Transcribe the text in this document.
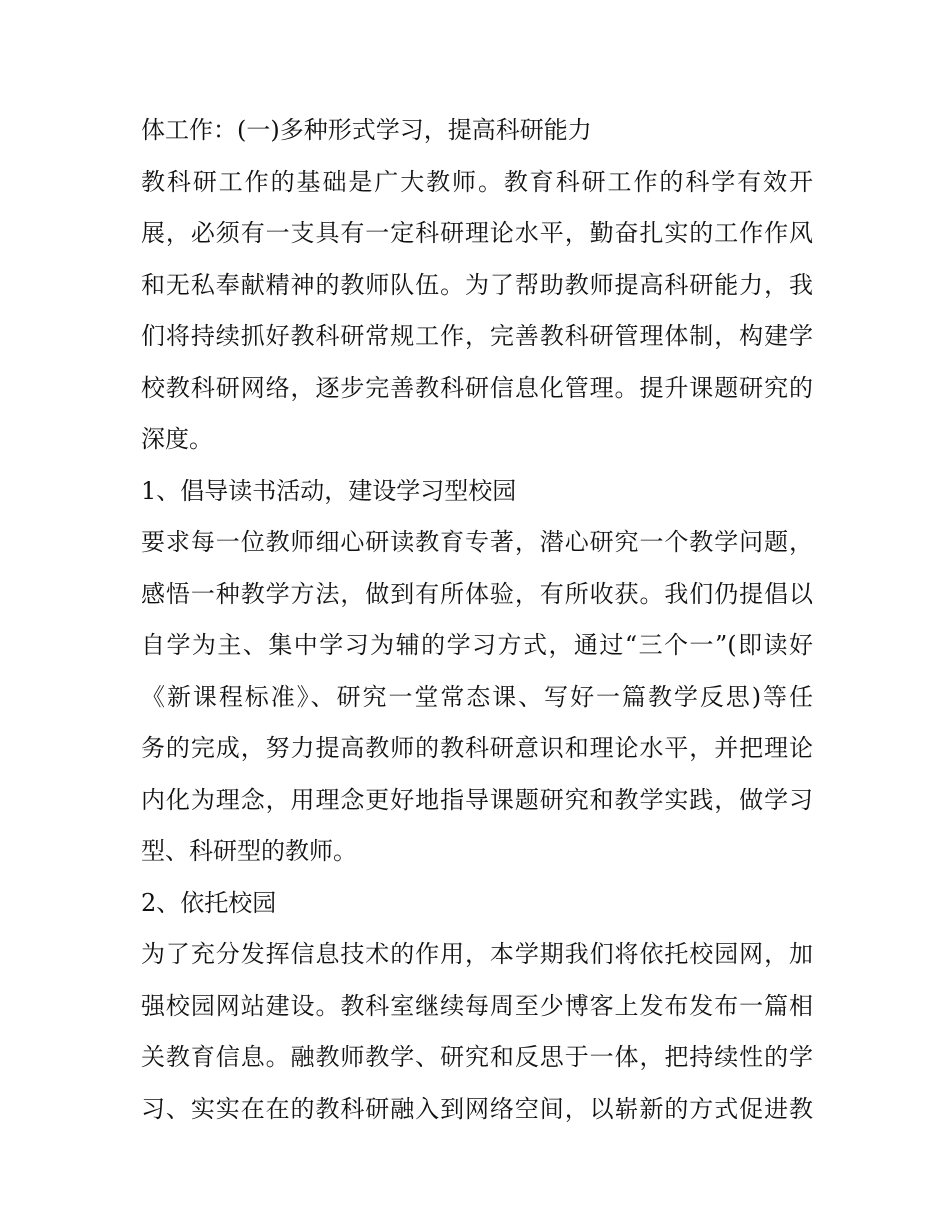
体工作：(一)多种形式学习，提高科研能力
教科研工作的基础是广大教师。教育科研工作的科学有效开
展，必须有一支具有一定科研理论水平，勤奋扎实的工作作风
和无私奉献精神的教师队伍。为了帮助教师提高科研能力，我
们将持续抓好教科研常规工作，完善教科研管理体制，构建学
校教科研网络，逐步完善教科研信息化管理。提升课题研究的
深度。
1、倡导读书活动，建设学习型校园
要求每一位教师细心研读教育专著，潜心研究一个教学问题，
感悟一种教学方法，做到有所体验，有所收获。我们仍提倡以
自学为主、集中学习为辅的学习方式，通过“三个一”(即读好
《新课程标准》、研究一堂常态课、写好一篇教学反思)等任
务的完成，努力提高教师的教科研意识和理论水平，并把理论
内化为理念，用理念更好地指导课题研究和教学实践，做学习
型、科研型的教师。
2、依托校园
为了充分发挥信息技术的作用，本学期我们将依托校园网，加
强校园网站建设。教科室继续每周至少博客上发布发布一篇相
关教育信息。融教师教学、研究和反思于一体，把持续性的学
习、实实在在的教科研融入到网络空间，以崭新的方式促进教
